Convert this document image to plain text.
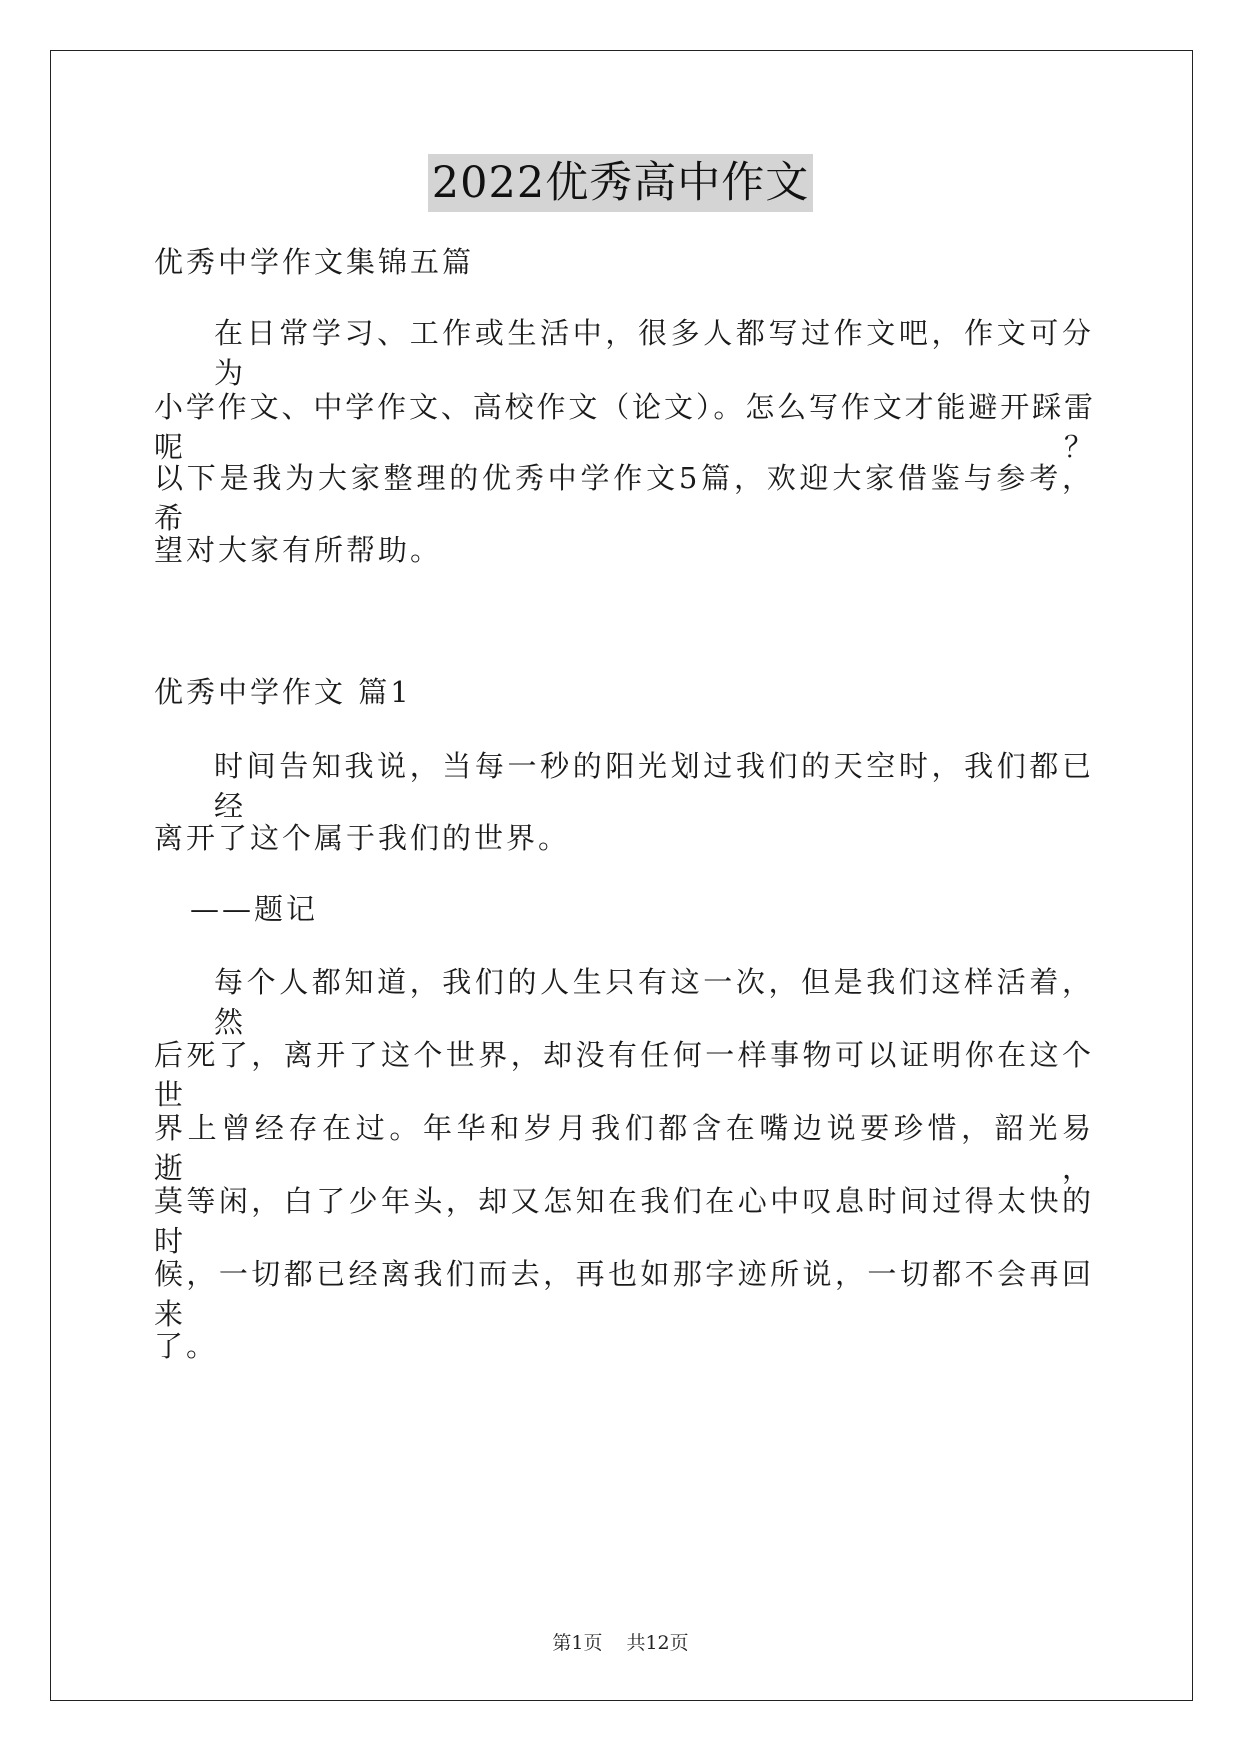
2022优秀高中作文
优秀中学作文集锦五篇
在日常学习、工作或生活中，很多人都写过作文吧，作文可分为
小学作文、中学作文、高校作文（论文）。怎么写作文才能避开踩雷呢？
以下是我为大家整理的优秀中学作文5篇，欢迎大家借鉴与参考，希
望对大家有所帮助。
优秀中学作文 篇1
时间告知我说，当每一秒的阳光划过我们的天空时，我们都已经
离开了这个属于我们的世界。
——题记
每个人都知道，我们的人生只有这一次，但是我们这样活着，然
后死了，离开了这个世界，却没有任何一样事物可以证明你在这个世
界上曾经存在过。年华和岁月我们都含在嘴边说要珍惜，韶光易逝，
莫等闲，白了少年头，却又怎知在我们在心中叹息时间过得太快的时
候，一切都已经离我们而去，再也如那字迹所说，一切都不会再回来
了。
第1页 共12页
